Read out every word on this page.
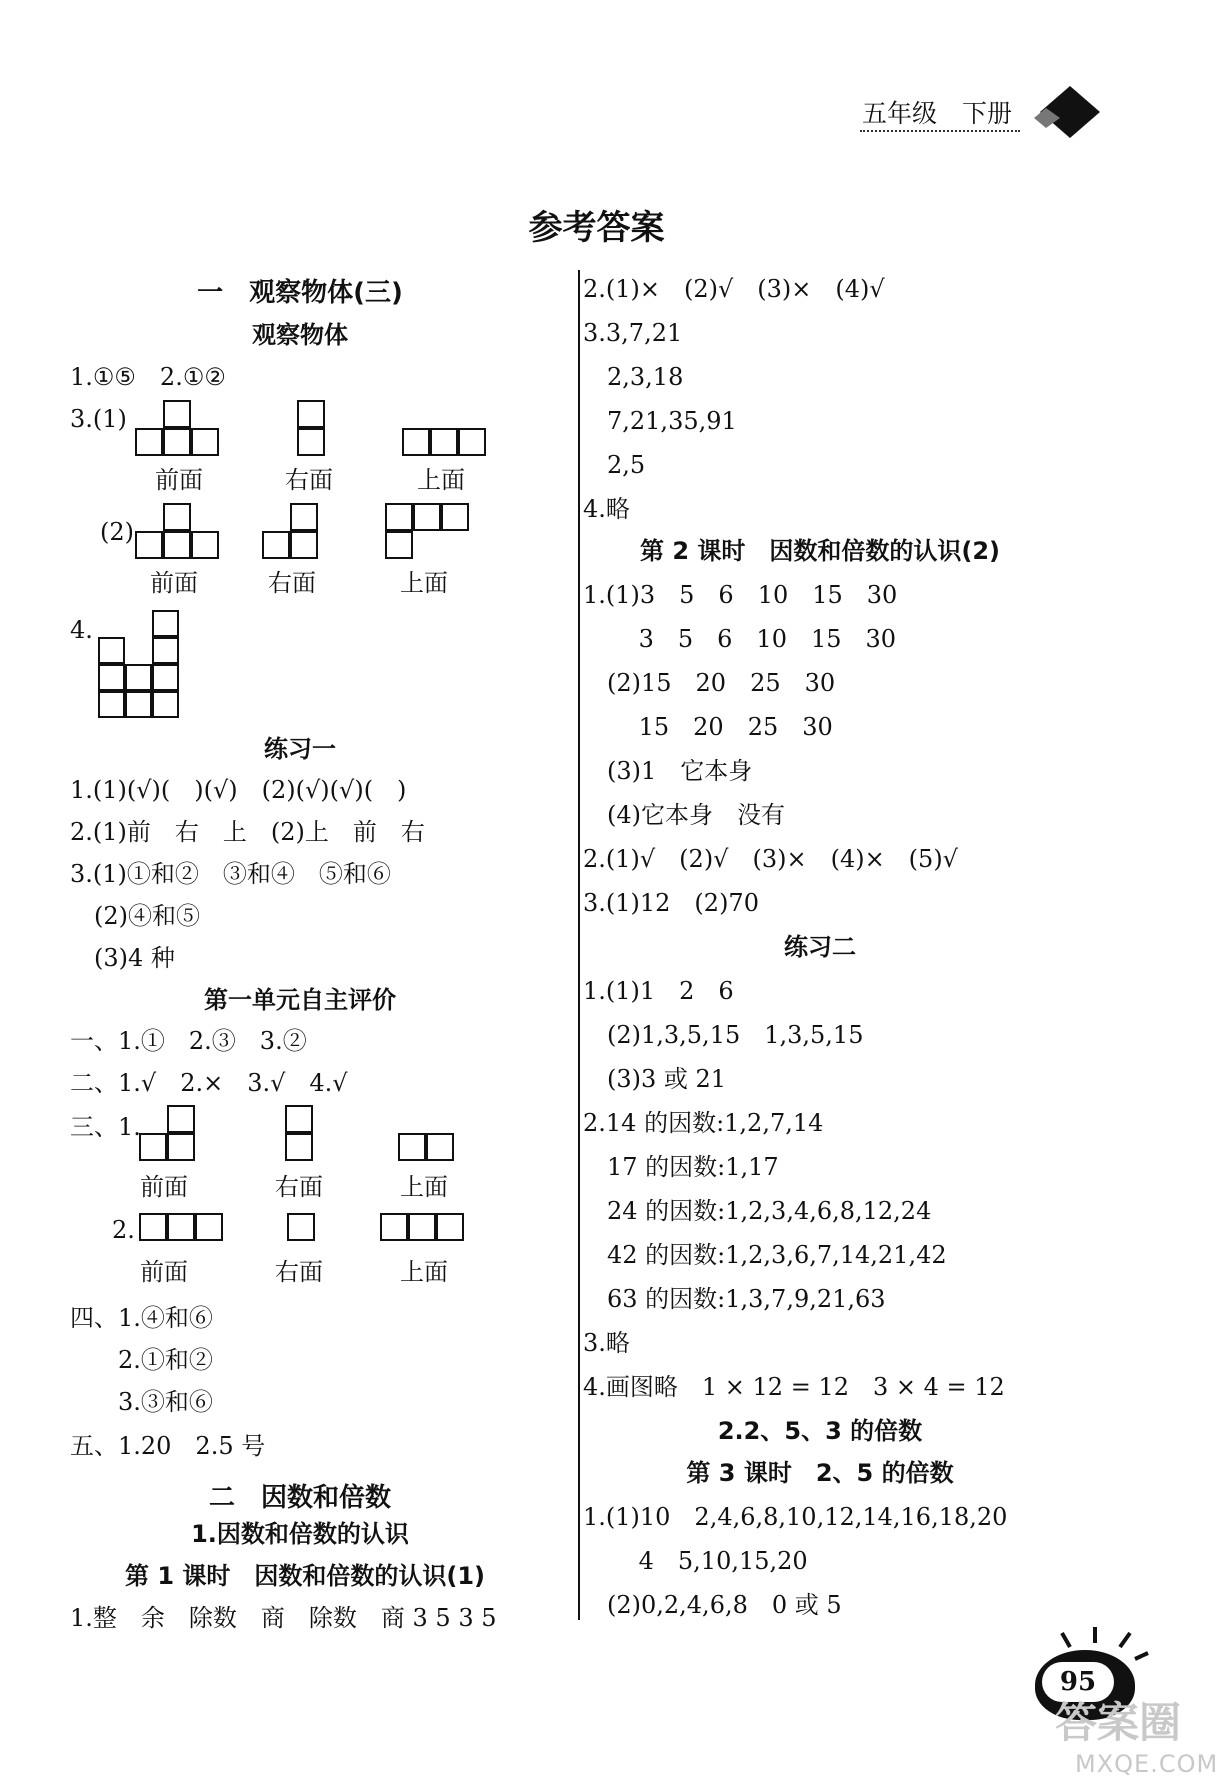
五年级　 下册
参考答案
一　观察物体(三)
观察物体
1.①⑤　2.①②
3.(1)
前面	右面	上面
(2)
前面	右面	上面
4.
练习一
1.(1)(√)(　)(√)　(2)(√)(√)(　)
2.(1)前　右　上　(2)上　前　右
3.(1)①和②　③和④　⑤和⑥
　(2)④和⑤
　(3)4 种
第一单元自主评价
一、1.①　2.③　3.②
二、1.√　2.×　3.√　4.√
三、1.
前面	右面	上面
2.
前面	右面	上面
四、1.④和⑥
　　2.①和②
　　3.③和⑥
五、1.20　2.5 号
二　因数和倍数
1.因数和倍数的认识
第 1 课时　因数和倍数的认识(1)
1.整　余　除数　商　除数　商 3 5 3 5
2.(1)×　(2)√　(3)×　(4)√
3.3,7,21
　2,3,18
　7,21,35,91
　2,5
4.略
第 2 课时　因数和倍数的认识(2)
1.(1)3　5　6　10　15　30
　　 3　5　6　10　15　30
　(2)15　20　25　30
　　 15　20　25　30
　(3)1　它本身
　(4)它本身　没有
2.(1)√　(2)√　(3)×　(4)×　(5)√
3.(1)12　(2)70
练习二
1.(1)1　2　6
　(2)1,3,5,15　1,3,5,15
　(3)3 或 21
2.14 的因数:1,2,7,14
　17 的因数:1,17
　24 的因数:1,2,3,4,6,8,12,24
　42 的因数:1,2,3,6,7,14,21,42
　63 的因数:1,3,7,9,21,63
3.略
4.画图略　1 × 12 = 12　3 × 4 = 12
2.2、5、3 的倍数
第 3 课时　2、5 的倍数
1.(1)10　2,4,6,8,10,12,14,16,18,20
　　 4　5,10,15,20
　(2)0,2,4,6,8　0 或 5
95
答案圈
MXQE.COM
